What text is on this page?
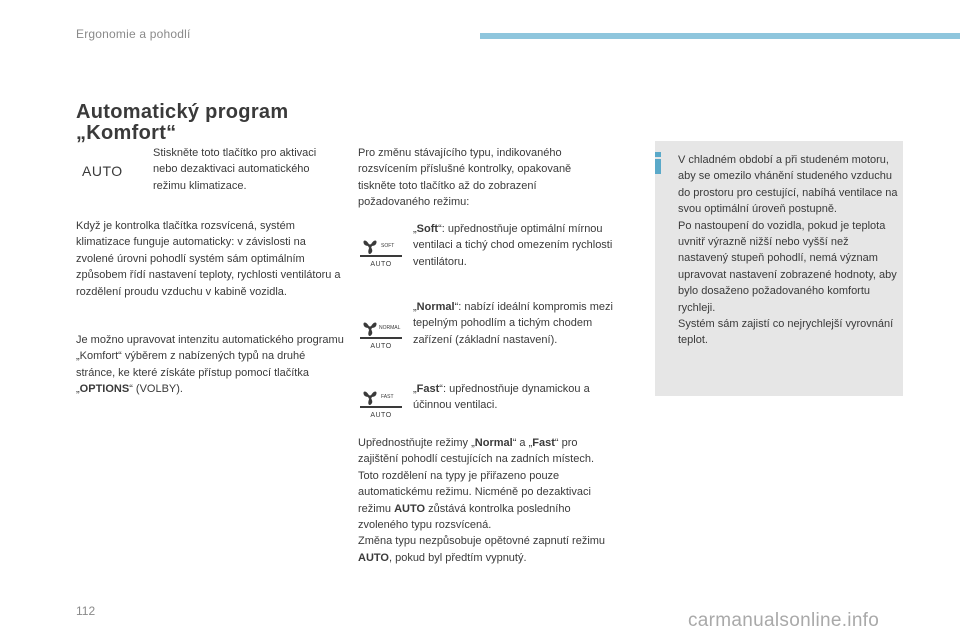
Ergonomie a pohodlí
Automatický program
„Komfort“
AUTO
Stiskněte toto tlačítko pro aktivaci nebo dezaktivaci automatického režimu klimatizace.
Když je kontrolka tlačítka rozsvícená, systém klimatizace funguje automaticky: v závislosti na zvolené úrovni pohodlí systém sám optimálním způsobem řídí nastavení teploty, rychlosti ventilátoru a rozdělení proudu vzduchu v kabině vozidla.
Je možno upravovat intenzitu automatického programu „Komfort“ výběrem z nabízených typů na druhé stránce, ke které získáte přístup pomocí tlačítka „OPTIONS“ (VOLBY).
Pro změnu stávajícího typu, indikovaného rozsvícením příslušné kontrolky, opakovaně tiskněte toto tlačítko až do zobrazení požadovaného režimu:
SOFT
AUTO
NORMAL
AUTO
FAST
AUTO
„Soft“: upřednostňuje optimální mírnou ventilaci a tichý chod omezením rychlosti ventilátoru.
„Normal“: nabízí ideální kompromis mezi tepelným pohodlím a tichým chodem zařízení (základní nastavení).
„Fast“: upřednostňuje dynamickou a účinnou ventilaci.
Upřednostňujte režimy „Normal“ a „Fast“ pro zajištění pohodlí cestujících na zadních místech.
Toto rozdělení na typy je přiřazeno pouze automatickému režimu. Nicméně po dezaktivaci režimu AUTO zůstává kontrolka posledního zvoleného typu rozsvícená.
Změna typu nezpůsobuje opětovné zapnutí režimu AUTO, pokud byl předtím vypnutý.
V chladném období a při studeném motoru, aby se omezilo vhánění studeného vzduchu do prostoru pro cestující, nabíhá ventilace na svou optimální úroveň postupně.
Po nastoupení do vozidla, pokud je teplota uvnitř výrazně nižší nebo vyšší než nastavený stupeň pohodlí, nemá význam upravovat nastavení zobrazené hodnoty, aby bylo dosaženo požadovaného komfortu rychleji.
Systém sám zajistí co nejrychlejší vyrovnání teplot.
112	carmanualsonline.info
